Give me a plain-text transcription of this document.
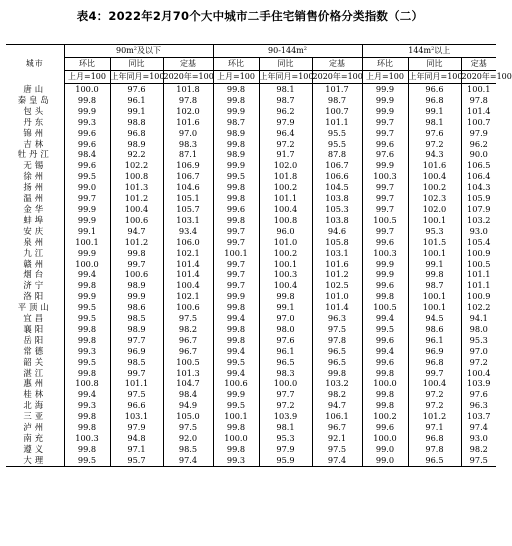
表4：2022年2月70个大中城市二手住宅销售价格分类指数（二）
城市	$90m^2$及以下			$90-144m^2$			$144m^2$以上		
	环比	同比	定基	环比	同比	定基	环比	同比	定基
	上月=100	上年同月=100	2020年=100	上月=100	上年同月=100	2020年=100	上月=100	上年同月=100	2020年=100
唐山	100.0	97.6	101.8	99.8	98.1	101.7	99.9	96.6	100.1
秦皇岛	99.8	96.1	97.8	99.8	98.7	98.7	99.9	96.8	97.8
包头	99.9	99.1	102.0	99.9	96.2	100.7	99.9	99.1	101.4
丹东	99.3	98.8	101.6	98.7	97.9	101.1	99.7	98.1	100.7
锦州	99.6	96.8	97.0	98.9	96.4	95.5	99.7	97.6	97.9
吉林	99.6	98.9	98.3	99.8	97.2	95.5	99.6	97.2	96.2
牡丹江	98.4	92.2	87.1	98.9	91.7	87.8	97.6	94.3	90.0
无锡	99.6	102.2	106.9	99.9	102.0	106.7	99.9	101.6	106.5
徐州	99.5	100.8	106.7	99.5	101.8	106.6	100.3	100.4	106.4
扬州	99.0	101.3	104.6	99.8	100.2	104.5	99.7	100.2	104.3
温州	99.7	101.2	105.1	99.8	101.1	103.8	99.7	102.3	105.9
金华	99.9	100.4	105.7	99.6	100.4	105.3	99.7	102.0	107.9
蚌埠	99.9	100.6	103.1	99.8	100.8	103.8	100.5	100.1	103.2
安庆	99.1	94.7	93.4	99.7	96.0	94.6	99.7	95.3	93.0
泉州	100.1	101.2	106.0	99.7	101.0	105.8	99.6	101.5	105.4
九江	99.9	99.8	102.1	100.1	100.2	103.1	100.3	100.1	100.9
赣州	100.0	99.7	101.4	99.7	100.1	101.6	99.9	99.1	100.5
烟台	99.4	100.6	101.4	99.7	100.3	101.2	99.9	99.8	101.1
济宁	99.8	98.9	100.4	99.7	100.4	102.5	99.6	98.7	101.1
洛阳	99.9	99.9	102.1	99.9	99.8	101.0	99.8	100.1	100.9
平顶山	99.5	98.6	100.6	99.8	99.1	101.4	100.5	100.1	102.2
宜昌	99.5	98.5	97.5	99.4	97.0	96.3	99.4	94.5	94.1
襄阳	99.8	98.9	98.2	99.8	98.0	97.5	99.5	98.6	98.0
岳阳	99.8	97.7	96.7	99.8	97.6	97.8	99.6	96.1	95.3
常德	99.3	96.9	96.7	99.4	96.1	96.5	99.4	96.9	97.0
韶关	99.5	98.5	100.5	99.5	96.5	96.5	99.6	96.8	97.2
湛江	99.8	99.7	101.3	99.4	98.3	99.8	99.8	99.7	100.4
惠州	100.8	101.1	104.7	100.6	100.0	103.2	100.0	100.4	103.9
桂林	99.4	97.5	98.4	99.9	97.7	98.2	99.8	97.2	97.6
北海	99.3	96.6	94.9	99.5	97.2	94.7	99.8	97.2	96.3
三亚	99.8	103.1	105.0	100.1	103.9	106.1	100.2	101.2	103.7
泸州	99.8	97.9	97.5	99.8	98.1	96.7	99.6	97.1	97.4
南充	100.3	94.8	92.0	100.0	95.3	92.1	100.0	96.8	93.0
遵义	99.8	97.1	98.5	99.8	97.9	97.5	99.0	97.8	98.2
大理	99.5	95.7	97.4	99.3	95.9	97.4	99.0	96.5	97.5
